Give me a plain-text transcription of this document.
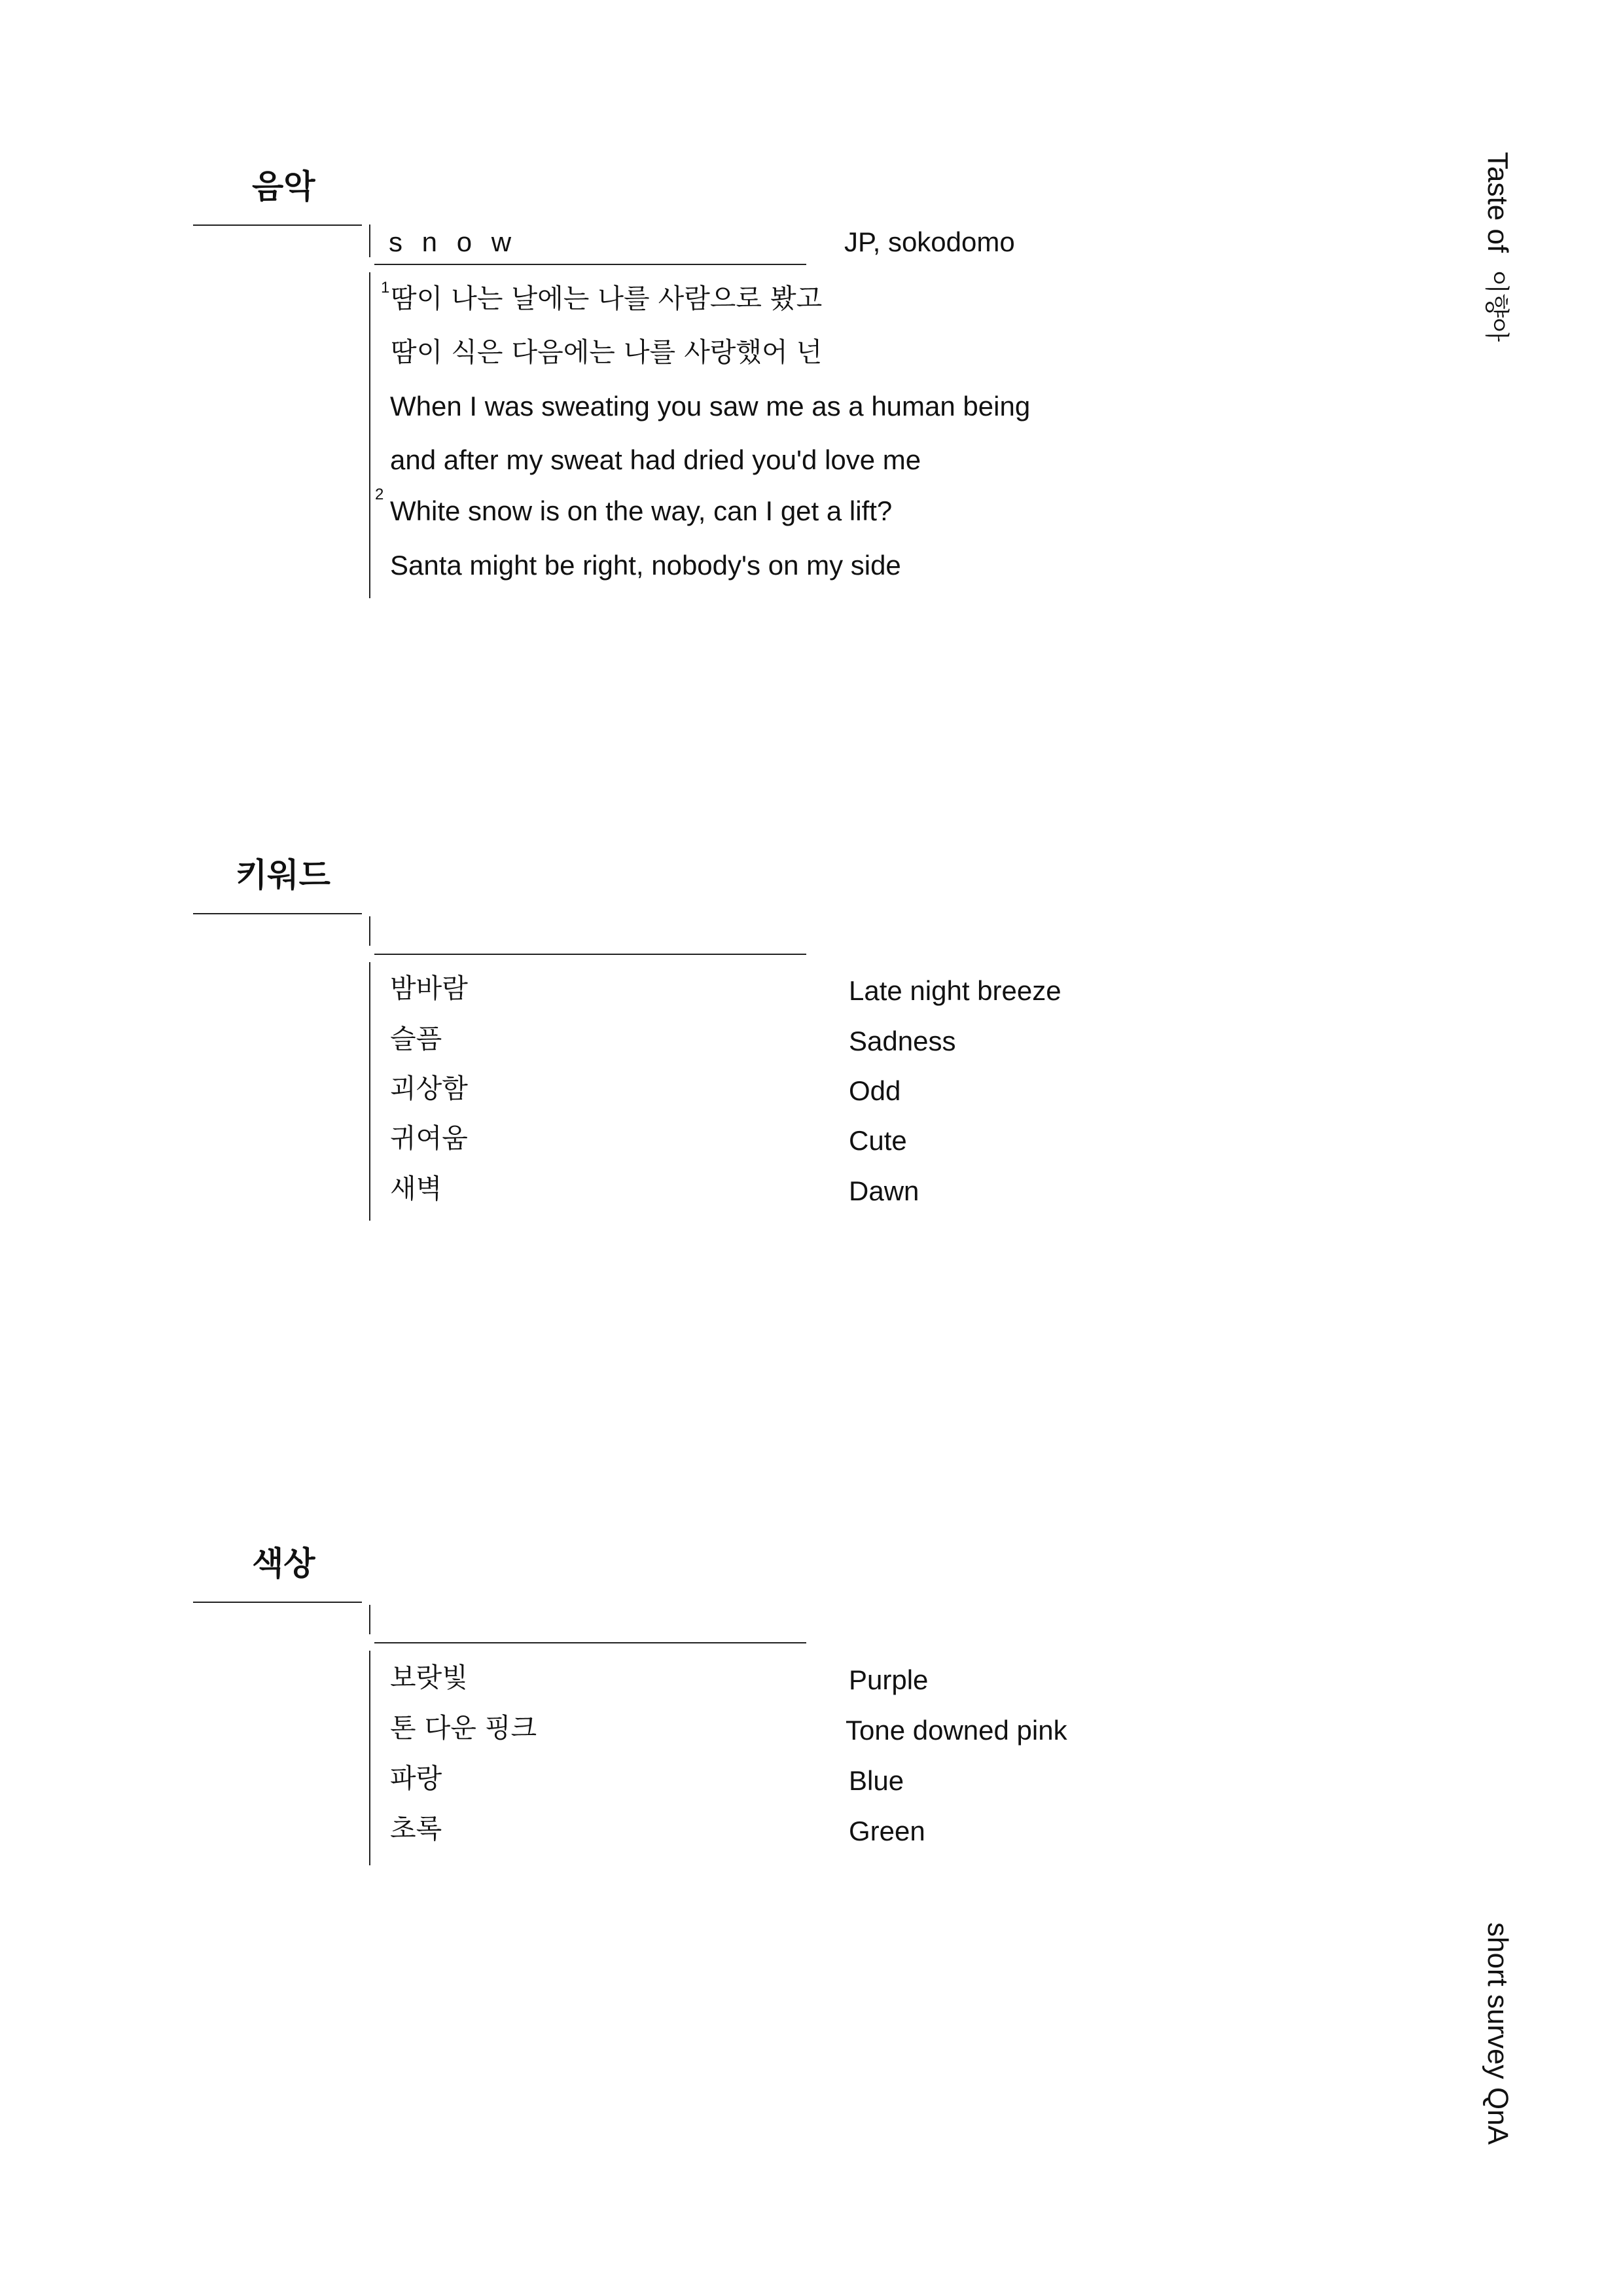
음악
s n o w	JP, sokodomo
1 땀이 나는 날에는 나를 사람으로 봤고
땀이 식은 다음에는 나를 사랑했어 넌
When I was sweating you saw me as a human being
and after my sweat had dried you'd love me
2
White snow is on the way, can I get a lift?
Santa might be right, nobody's on my side
키워드
밤바람	Late night breeze
슬픔	Sadness
괴상함	Odd
귀여움	Cute
새벽	Dawn
색상
보랏빛	Purple
톤 다운 핑크	Tone downed pink
파랑	Blue
초록	Green
Taste of이향아
short survey QnA
